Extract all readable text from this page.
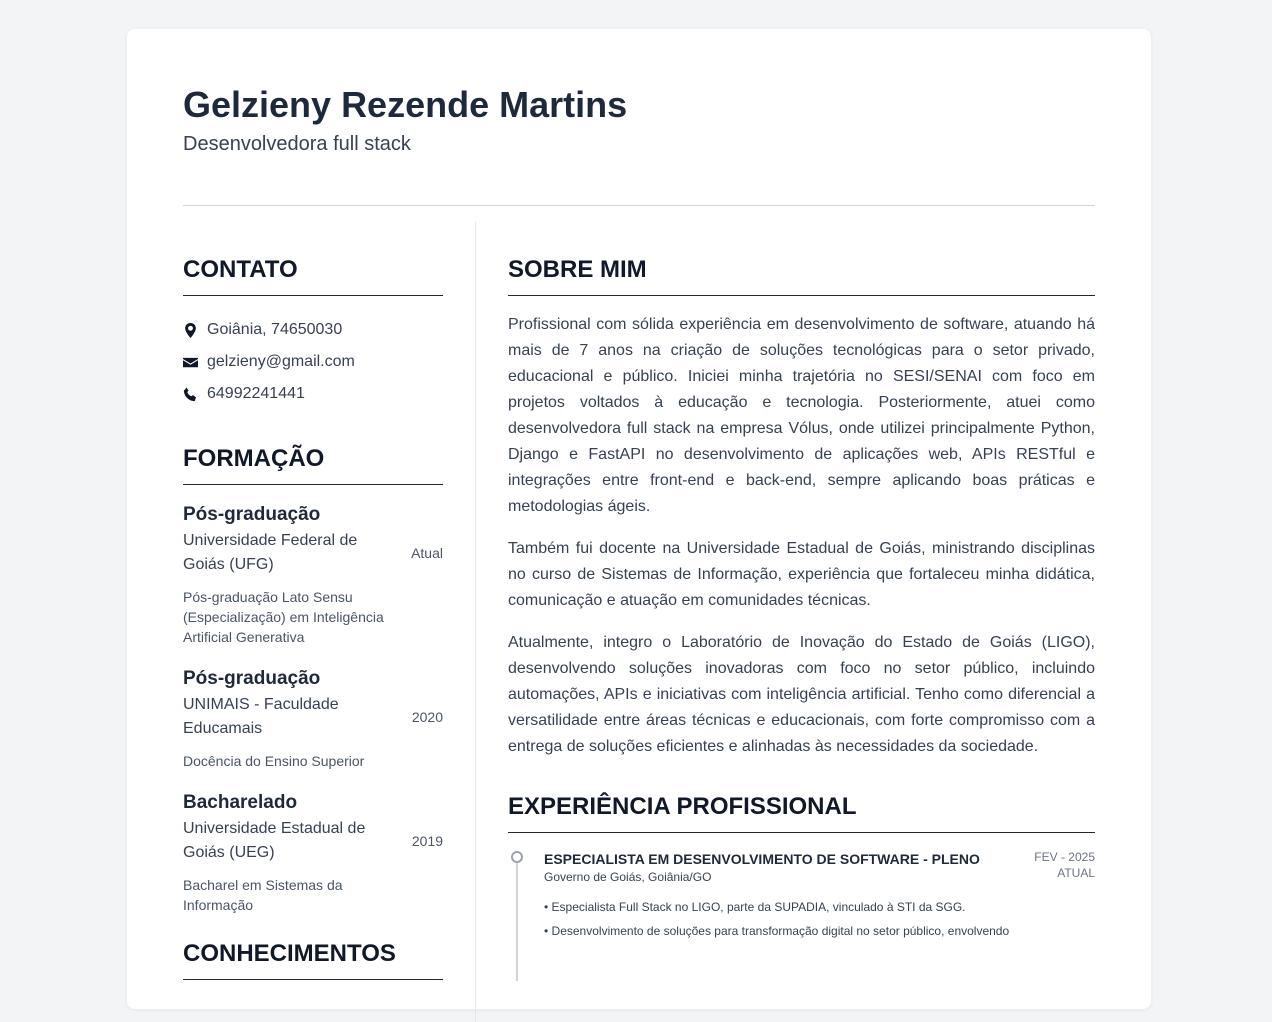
Gelzieny Rezende Martins
Desenvolvedora full stack
CONTATO
Goiânia, 74650030
gelzieny@gmail.com
64992241441
FORMAÇÃO
Pós-graduação
Universidade Federal de Goiás (UFG)
Atual
Pós-graduação Lato Sensu (Especialização) em Inteligência Artificial Generativa
Pós-graduação
UNIMAIS - Faculdade Educamais
2020
Docência do Ensino Superior
Bacharelado
Universidade Estadual de Goiás (UEG)
2019
Bacharel em Sistemas da Informação
CONHECIMENTOS
SOBRE MIM

Profissional com sólida experiência em desenvolvimento de software, atuando há mais de 7 anos na criação de soluções tecnológicas para o setor privado, educacional e público. Iniciei minha trajetória no SESI/SENAI com foco em projetos voltados à educação e tecnologia. Posteriormente, atuei como desenvolvedora full stack na empresa Vólus, onde utilizei principalmente Python, Django e FastAPI no desenvolvimento de aplicações web, APIs RESTful e integrações entre front-end e back-end, sempre aplicando boas práticas e metodologias ágeis.

Também fui docente na Universidade Estadual de Goiás, ministrando disciplinas no curso de Sistemas de Informação, experiência que fortaleceu minha didática, comunicação e atuação em comunidades técnicas.

Atualmente, integro o Laboratório de Inovação do Estado de Goiás (LIGO), desenvolvendo soluções inovadoras com foco no setor público, incluindo automações, APIs e iniciativas com inteligência artificial. Tenho como diferencial a versatilidade entre áreas técnicas e educacionais, com forte compromisso com a entrega de soluções eficientes e alinhadas às necessidades da sociedade.

EXPERIÊNCIA PROFISSIONAL
ESPECIALISTA EM DESENVOLVIMENTO DE SOFTWARE - PLENO
Governo de Goiás, Goiânia/GO
FEV - 2025
ATUAL
• Especialista Full Stack no LIGO, parte da SUPADIA, vinculado à STI da SGG.
• Desenvolvimento de soluções para transformação digital no setor público, envolvendo
